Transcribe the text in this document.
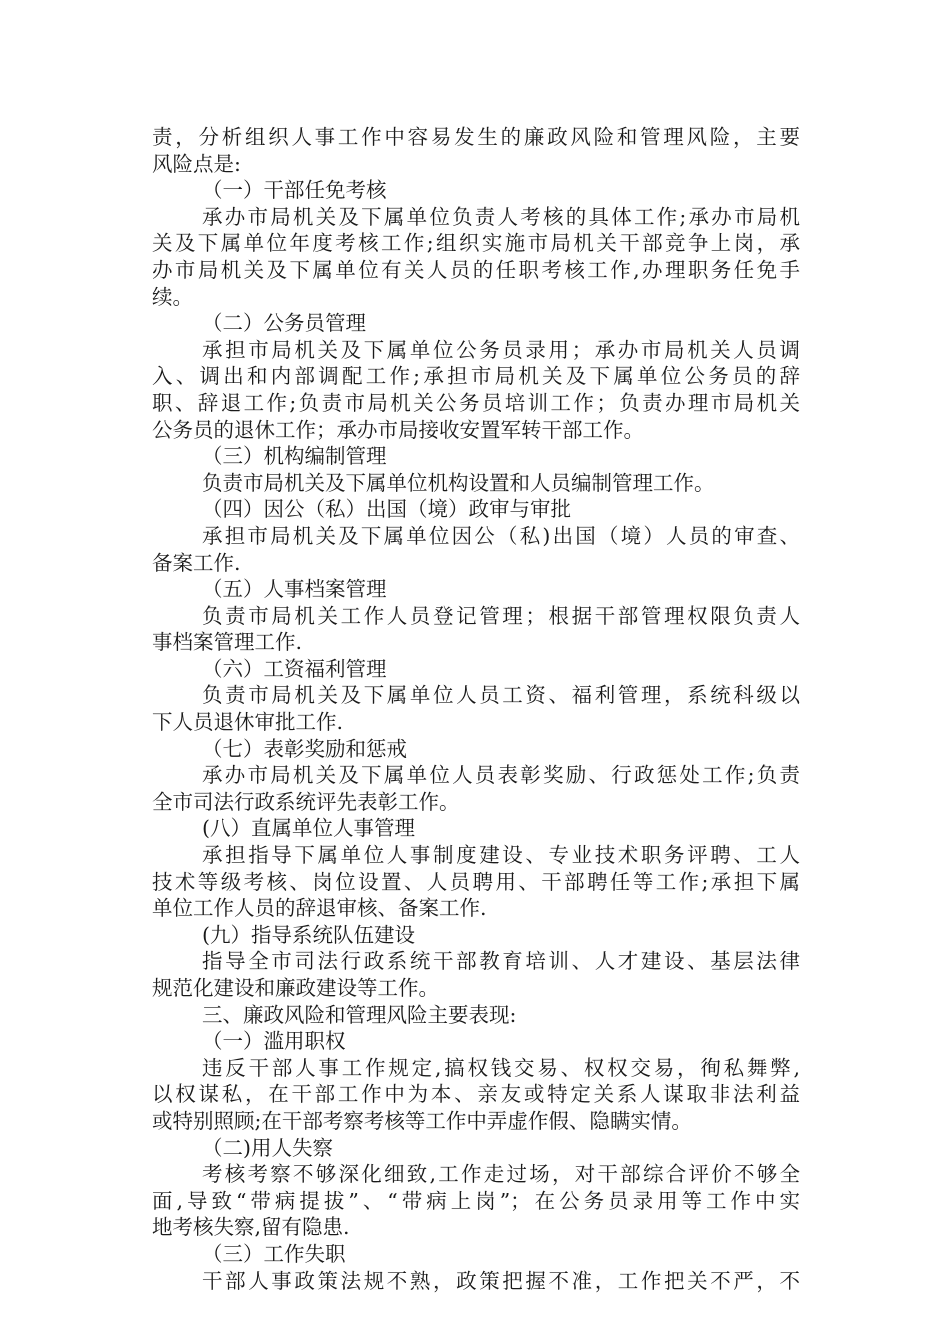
责，分析组织人事工作中容易发生的廉政风险和管理风险，主要
风险点是:
（一）干部任免考核
承办市局机关及下属单位负责人考核的具体工作;承办市局机
关及下属单位年度考核工作;组织实施市局机关干部竞争上岗，承
办市局机关及下属单位有关人员的任职考核工作,办理职务任免手
续。
（二）公务员管理
承担市局机关及下属单位公务员录用；承办市局机关人员调
入、调出和内部调配工作;承担市局机关及下属单位公务员的辞
职、辞退工作;负责市局机关公务员培训工作；负责办理市局机关
公务员的退休工作；承办市局接收安置军转干部工作。
（三）机构编制管理
负责市局机关及下属单位机构设置和人员编制管理工作。
（四）因公（私）出国（境）政审与审批
承担市局机关及下属单位因公（私)出国（境）人员的审查、
备案工作.
（五）人事档案管理
负责市局机关工作人员登记管理；根据干部管理权限负责人
事档案管理工作.
（六）工资福利管理
负责市局机关及下属单位人员工资、福利管理，系统科级以
下人员退休审批工作.
（七）表彰奖励和惩戒
承办市局机关及下属单位人员表彰奖励、行政惩处工作;负责
全市司法行政系统评先表彰工作。
(八）直属单位人事管理
承担指导下属单位人事制度建设、专业技术职务评聘、工人
技术等级考核、岗位设置、人员聘用、干部聘任等工作;承担下属
单位工作人员的辞退审核、备案工作.
(九）指导系统队伍建设
指导全市司法行政系统干部教育培训、人才建设、基层法律
规范化建设和廉政建设等工作。
三、廉政风险和管理风险主要表现:
（一）滥用职权
违反干部人事工作规定,搞权钱交易、权权交易，徇私舞弊,
以权谋私，在干部工作中为本、亲友或特定关系人谋取非法利益
或特别照顾;在干部考察考核等工作中弄虚作假、隐瞒实情。
（二)用人失察
考核考察不够深化细致,工作走过场，对干部综合评价不够全
面,导致“带病提拔”、“带病上岗”；在公务员录用等工作中实
地考核失察,留有隐患.
（三）工作失职
干部人事政策法规不熟，政策把握不准，工作把关不严，不
